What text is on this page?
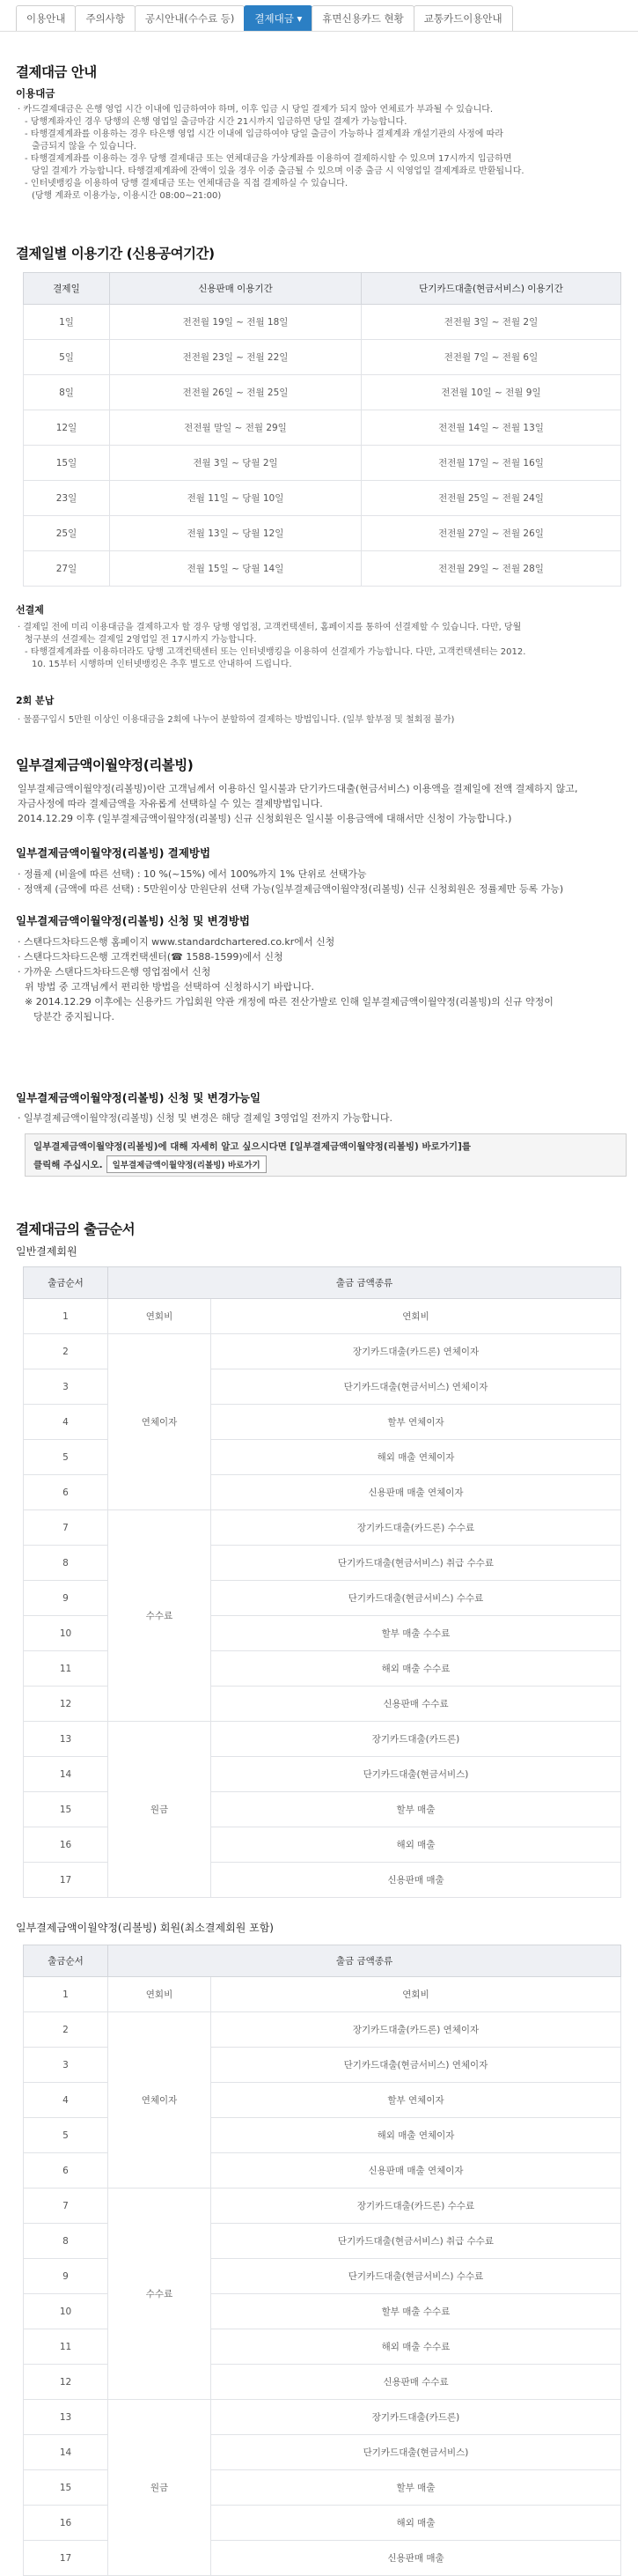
이용안내	주의사항	공시안내(수수료 등)	결제대금 ▾	휴면신용카드 현황	교통카드이용안내
결제대금 안내
이용대금
· 카드결제대금은 은행 영업 시간 이내에 입금하여야 하며, 이후 입금 시 당일 결제가 되지 않아 연체료가 부과될 수 있습니다.
- 당행계좌자인 경우 당행의 은행 영업일 출금마감 시간 21시까지 입금하면 당일 결제가 가능합니다.
- 타행결제계좌를 이용하는 경우 타은행 영업 시간 이내에 입금하여야 당일 출금이 가능하나 결제계좌 개설기관의 사정에 따라
출금되지 않을 수 있습니다.
- 타행결제계좌를 이용하는 경우 당행 결제대금 또는 연체대금을 가상계좌를 이용하여 결제하시할 수 있으며 17시까지 입금하면
당일 결제가 가능합니다. 타행결제계좌에 잔액이 있을 경우 이중 출금될 수 있으며 이중 출금 시 익영업일 결제계좌로 반환됩니다.
- 인터넷뱅킹을 이용하여 당행 결제대금 또는 연체대금을 직접 결제하실 수 있습니다.
(당행 계좌로 이용가능, 이용시간 08:00~21:00)
결제일별 이용기간 (신용공여기간)
결제일	신용판매 이용기간	단기카드대출(현금서비스) 이용기간
1일	전전월 19일 ~ 전월 18일	전전월 3일 ~ 전월 2일
5일	전전월 23일 ~ 전월 22일	전전월 7일 ~ 전월 6일
8일	전전월 26일 ~ 전월 25일	전전월 10일 ~ 전월 9일
12일	전전월 말일 ~ 전월 29일	전전월 14일 ~ 전월 13일
15일	전월 3일 ~ 당월 2일	전전월 17일 ~ 전월 16일
23일	전월 11일 ~ 당월 10일	전전월 25일 ~ 전월 24일
25일	전월 13일 ~ 당월 12일	전전월 27일 ~ 전월 26일
27일	전월 15일 ~ 당월 14일	전전월 29일 ~ 전월 28일
선결제
· 결제일 전에 미리 이용대금을 결제하고자 할 경우 당행 영업점, 고객컨택센터, 홈페이지를 통하여 선결제할 수 있습니다. 다만, 당월
청구분의 선결제는 결제일 2영업일 전 17시까지 가능합니다.
- 타행결제계좌를 이용하더라도 당행 고객컨택센터 또는 인터넷뱅킹을 이용하여 선결제가 가능합니다. 다만, 고객컨택센터는 2012.
10. 15부터 시행하며 인터넷뱅킹은 추후 별도로 안내하여 드립니다.
2회 분납
· 물품구입시 5만원 이상인 이용대금을 2회에 나누어 분할하여 결제하는 방법입니다. (일부 할부점 및 철회점 불가)
일부결제금액이월약정(리볼빙)
일부결제금액이월약정(리볼빙)이란 고객님께서 이용하신 일시불과 단기카드대출(현금서비스) 이용액을 결제일에 전액 결제하지 않고,
자금사정에 따라 결제금액을 자유롭게 선택하실 수 있는 결제방법입니다.
2014.12.29 이후 (일부결제금액이월약정(리볼빙) 신규 신청회원은 일시불 이용금액에 대해서만 신청이 가능합니다.)
일부결제금액이월약정(리볼빙) 결제방법
· 정률제 (비율에 따른 선택) : 10 %(~15%) 에서 100%까지 1% 단위로 선택가능
· 정액제 (금액에 따른 선택) : 5만원이상 만원단위 선택 가능(일부결제금액이월약정(리볼빙) 신규 신청회원은 정률제만 등록 가능)
일부결제금액이월약정(리볼빙) 신청 및 변경방법
· 스탠다드차타드은행 홈페이지 www.standardchartered.co.kr에서 신청
· 스탠다드차타드은행 고객컨택센터(☎ 1588-1599)에서 신청
· 가까운 스탠다드차타드은행 영업점에서 신청
위 방법 중 고객님께서 편리한 방법을 선택하여 신청하시기 바랍니다.
※ 2014.12.29 이후에는 신용카드 가입회원 약관 개정에 따른 전산가발로 인해 일부결제금액이월약정(리볼빙)의 신규 약정이
당분간 중지됩니다.
일부결제금액이월약정(리볼빙) 신청 및 변경가능일
· 일부결제금액이월약정(리볼빙) 신청 및 변경은 해당 결제일 3영업일 전까지 가능합니다.
일부결제금액이월약정(리볼빙)에 대해 자세히 알고 싶으시다면 [일부결제금액이월약정(리볼빙) 바로가기]를
클릭해 주십시오. 일부결제금액이월약정(리볼빙) 바로가기
결제대금의 출금순서
일반결제회원
출금순서	출금 금액종류	
1	연회비	연회비
2	연체이자	장기카드대출(카드론) 연체이자
3		단기카드대출(현금서비스) 연체이자
4		할부 연체이자
5		해외 매출 연체이자
6		신용판매 매출 연체이자
7	수수료	장기카드대출(카드론) 수수료
8		단기카드대출(현금서비스) 취급 수수료
9		단기카드대출(현금서비스) 수수료
10		할부 매출 수수료
11		해외 매출 수수료
12		신용판매 수수료
13	원금	장기카드대출(카드론)
14		단기카드대출(현금서비스)
15		할부 매출
16		해외 매출
17		신용판매 매출
일부결제금액이월약정(리볼빙) 회원(최소결제회원 포함)
출금순서	출금 금액종류	
1	연회비	연회비
2	연체이자	장기카드대출(카드론) 연체이자
3		단기카드대출(현금서비스) 연체이자
4		할부 연체이자
5		해외 매출 연체이자
6		신용판매 매출 연체이자
7	수수료	장기카드대출(카드론) 수수료
8		단기카드대출(현금서비스) 취급 수수료
9		단기카드대출(현금서비스) 수수료
10		할부 매출 수수료
11		해외 매출 수수료
12		신용판매 수수료
13	원금	장기카드대출(카드론)
14		단기카드대출(현금서비스)
15		할부 매출
16		해외 매출
17		신용판매 매출
